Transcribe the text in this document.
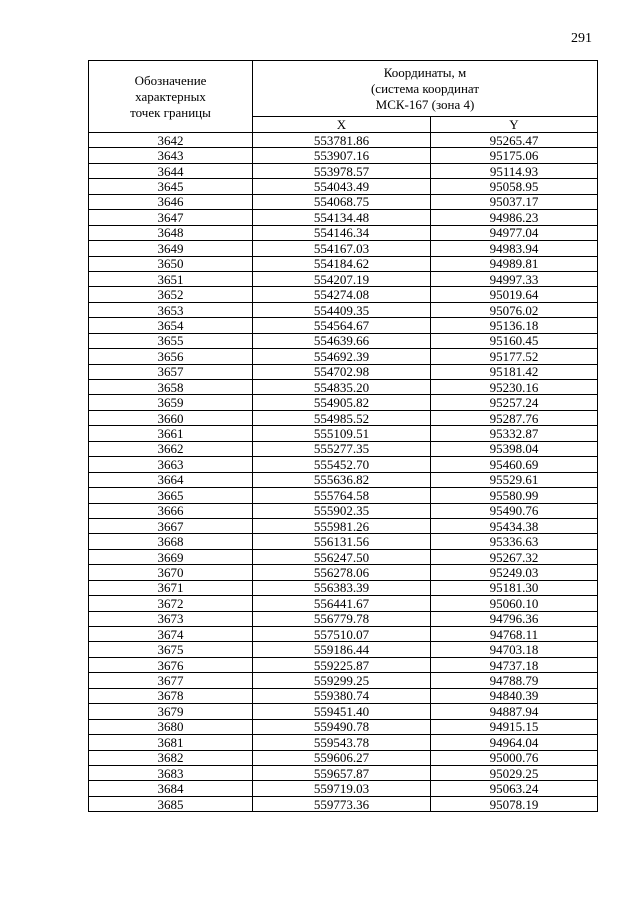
291
Обозначение
характерных
точек границы	Координаты, м
(система координат
МСК-167 (зона 4)	
	X	Y
3642	553781.86	95265.47
3643	553907.16	95175.06
3644	553978.57	95114.93
3645	554043.49	95058.95
3646	554068.75	95037.17
3647	554134.48	94986.23
3648	554146.34	94977.04
3649	554167.03	94983.94
3650	554184.62	94989.81
3651	554207.19	94997.33
3652	554274.08	95019.64
3653	554409.35	95076.02
3654	554564.67	95136.18
3655	554639.66	95160.45
3656	554692.39	95177.52
3657	554702.98	95181.42
3658	554835.20	95230.16
3659	554905.82	95257.24
3660	554985.52	95287.76
3661	555109.51	95332.87
3662	555277.35	95398.04
3663	555452.70	95460.69
3664	555636.82	95529.61
3665	555764.58	95580.99
3666	555902.35	95490.76
3667	555981.26	95434.38
3668	556131.56	95336.63
3669	556247.50	95267.32
3670	556278.06	95249.03
3671	556383.39	95181.30
3672	556441.67	95060.10
3673	556779.78	94796.36
3674	557510.07	94768.11
3675	559186.44	94703.18
3676	559225.87	94737.18
3677	559299.25	94788.79
3678	559380.74	94840.39
3679	559451.40	94887.94
3680	559490.78	94915.15
3681	559543.78	94964.04
3682	559606.27	95000.76
3683	559657.87	95029.25
3684	559719.03	95063.24
3685	559773.36	95078.19
